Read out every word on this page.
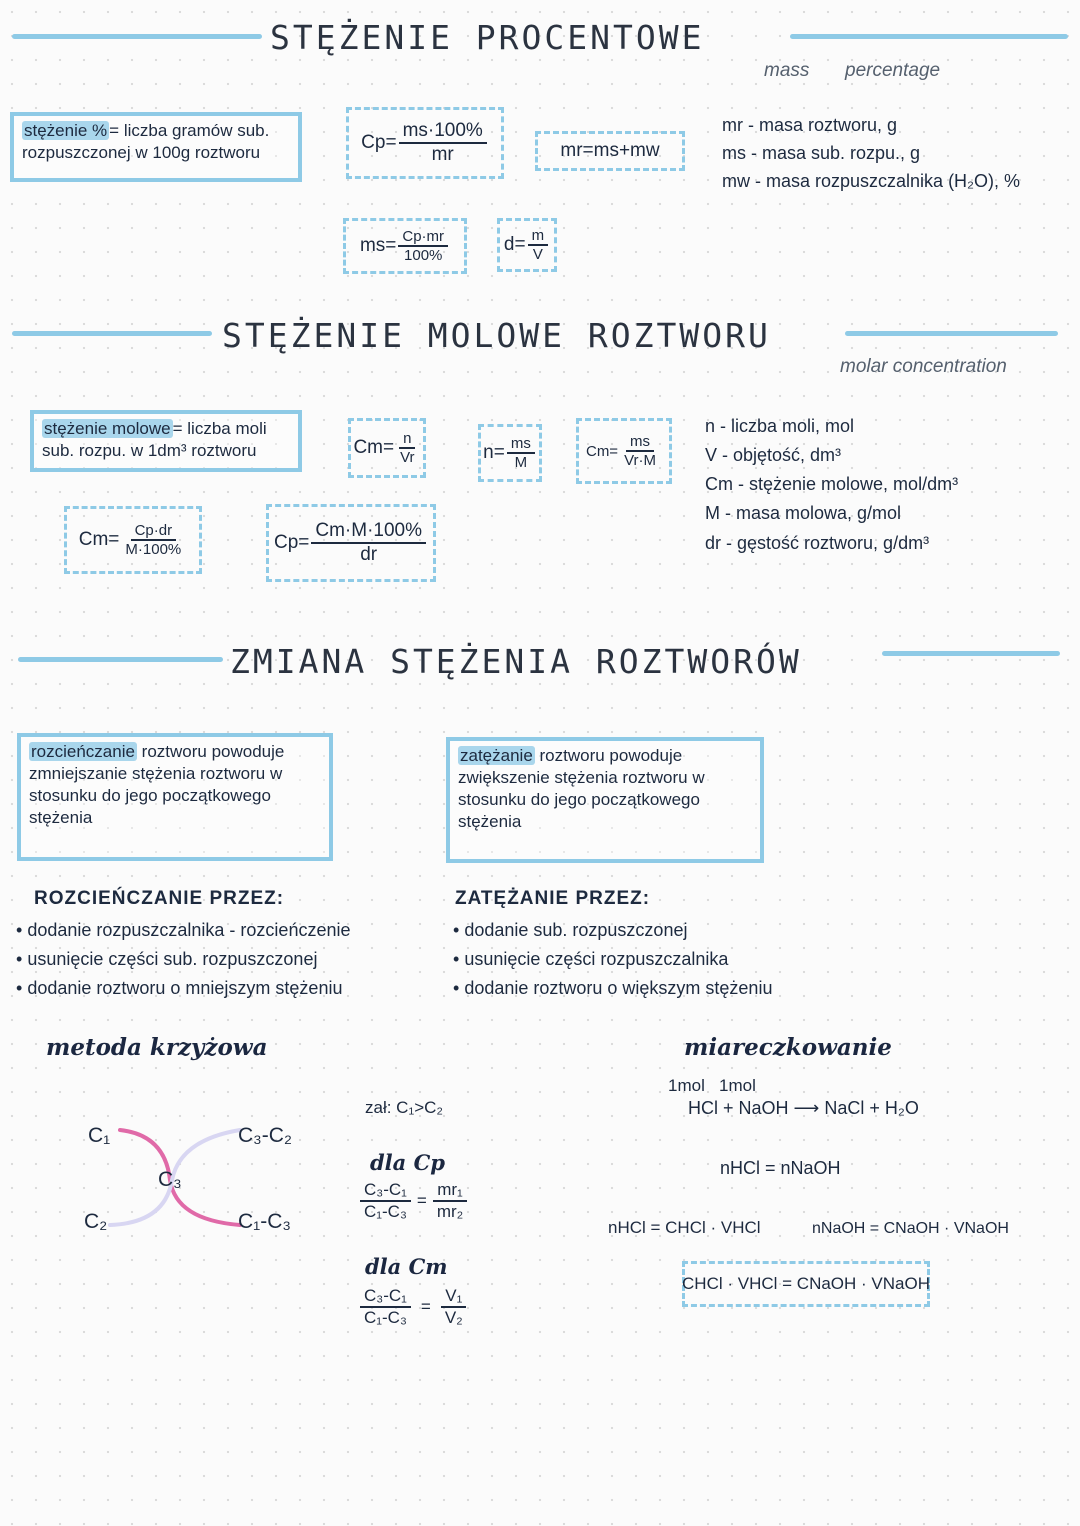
STĘŻENIE PROCENTOWE
mass percentage
stężenie % = liczba gramów sub. rozpuszczonej w 100g roztworu	$Cp= \frac{ms\cdot 100\%}{mr}$	mr=ms+mw
mr - masa roztworu, g
ms - masa sub. rozpu., g
mw - masa rozpuszczalnika (H₂O), %
$ms= \frac{Cp\cdot mr}{100\%}$	$d= \frac{m}{V}$
STĘŻENIE MOLOWE ROZTWORU
molar concentration
stężenie molowe = liczba moli sub. rozpu. w 1dm³ roztworu	$Cm= \frac{n}{Vr}$	$n= \frac{ms}{M}$	$Cm= \frac{ms}{Vr\cdot M}$
n - liczba moli, mol
V - objętość, dm³
Cm - stężenie molowe, mol/dm³
M - masa molowa, g/mol
dr - gęstość roztworu, g/dm³
$Cm= \frac{Cp\cdot dr}{M\cdot 100\%}$	$Cp= \frac{Cm\cdot M\cdot 100\%}{dr}$
ZMIANA STĘŻENIA ROZTWORÓW
rozcieńczanie roztworu powoduje zmniejszanie stężenia roztworu w stosunku do jego początkowego stężenia
zatężanie roztworu powoduje zwiększenie stężenia roztworu w stosunku do jego początkowego stężenia
ROZCIEŃCZANIE PRZEZ:
• dodanie rozpuszczalnika - rozcieńczenie
• usunięcie części sub. rozpuszczonej
• dodanie roztworu o mniejszym stężeniu
ZATĘŻANIE PRZEZ:
• dodanie sub. rozpuszczonej
• usunięcie części rozpuszczalnika
• dodanie roztworu o większym stężeniu
metoda krzyżowa
C₁
C₂
C₃
C₃-C₂
C₁-C₃
zał: C₁>C₂
dla Cp
$\frac{\text{C₃-C₁}}{\text{C₁-C₃}} = \frac{\text{mr₁}}{\text{mr₂}}$
dla Cm
$\frac{\text{C₃-C₁}}{\text{C₁-C₃}} = \frac{\text{V₁}}{\text{V₂}}$
miareczkowanie
1mol   1mol
HCl + NaOH ⟶ NaCl + H₂O
nHCl = nNaOH
nHCl = CHCl · VHCl	nNaOH = CNaOH · VNaOH
CHCl · VHCl = CNaOH · VNaOH
